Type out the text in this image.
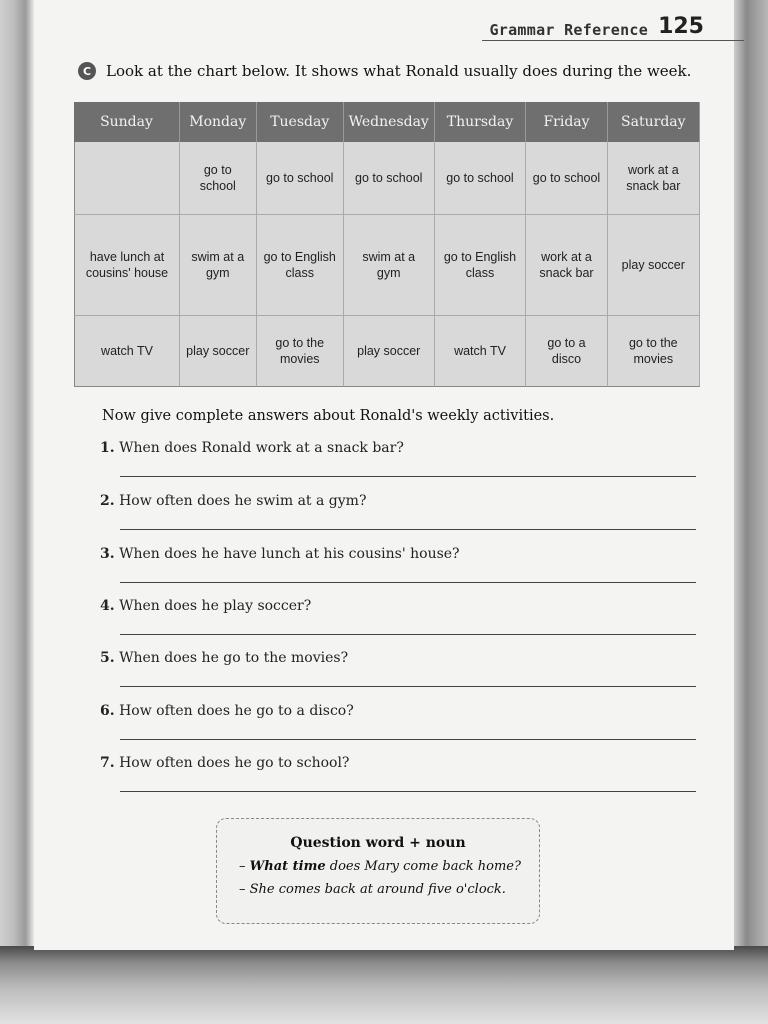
Grammar Reference 125
C Look at the chart below. It shows what Ronald usually does during the week.
Sunday	Monday	Tuesday	Wednesday	Thursday	Friday	Saturday
	go to school	go to school	go to school	go to school	go to school	work at a snack bar
have lunch at cousins' house	swim at a gym	go to English class	swim at a gym	go to English class	work at a snack bar	play soccer
watch TV	play soccer	go to the movies	play soccer	watch TV	go to a disco	go to the movies
Now give complete answers about Ronald's weekly activities.
1. When does Ronald work at a snack bar?
2. How often does he swim at a gym?
3. When does he have lunch at his cousins' house?
4. When does he play soccer?
5. When does he go to the movies?
6. How often does he go to a disco?
7. How often does he go to school?
Question word + noun
– What time does Mary come back home?
– She comes back at around five o'clock.
